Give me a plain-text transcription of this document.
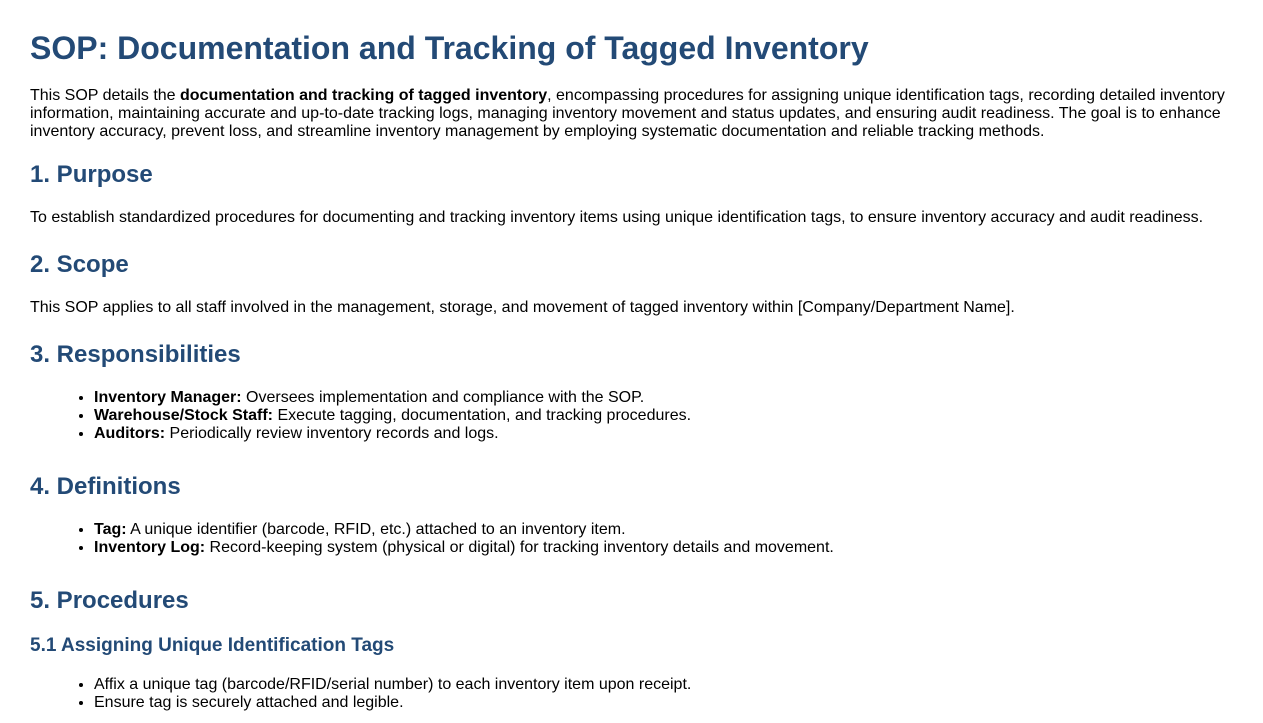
SOP: Documentation and Tracking of Tagged Inventory

This SOP details the documentation and tracking of tagged inventory, encompassing procedures for assigning unique identification tags, recording detailed inventory information, maintaining accurate and up-to-date tracking logs, managing inventory movement and status updates, and ensuring audit readiness. The goal is to enhance inventory accuracy, prevent loss, and streamline inventory management by employing systematic documentation and reliable tracking methods.

1. Purpose

To establish standardized procedures for documenting and tracking inventory items using unique identification tags, to ensure inventory accuracy and audit readiness.

2. Scope

This SOP applies to all staff involved in the management, storage, and movement of tagged inventory within [Company/Department Name].

3. Responsibilities
• Inventory Manager: Oversees implementation and compliance with the SOP.
• Warehouse/Stock Staff: Execute tagging, documentation, and tracking procedures.
• Auditors: Periodically review inventory records and logs.
4. Definitions
• Tag: A unique identifier (barcode, RFID, etc.) attached to an inventory item.
• Inventory Log: Record-keeping system (physical or digital) for tracking inventory details and movement.
5. Procedures
5.1 Assigning Unique Identification Tags
• Affix a unique tag (barcode/RFID/serial number) to each inventory item upon receipt.
• Ensure tag is securely attached and legible.
